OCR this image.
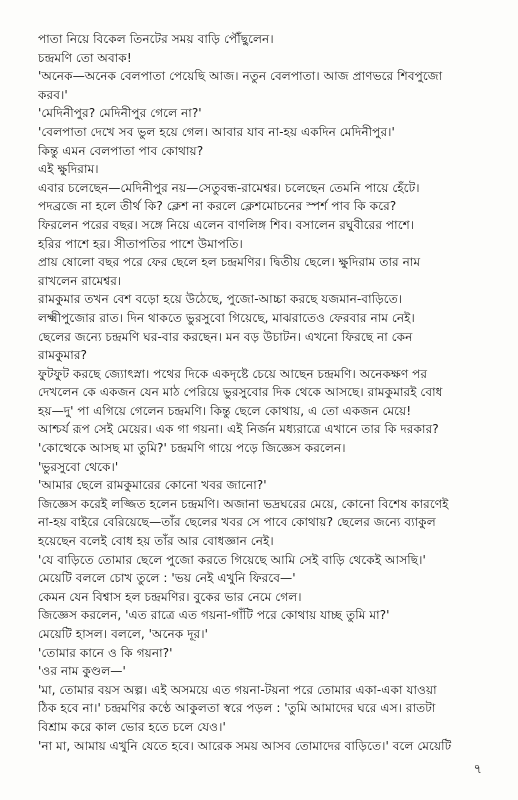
পাতা নিয়ে বিকেল তিনটের সময় বাড়ি পৌঁছুলেন।
চন্দ্রমণি তো অবাক!
'অনেক—অনেক বেলপাতা পেয়েছি আজ। নতুন বেলপাতা। আজ প্রাণভরে শিবপুজো
করব।'
'মেদিনীপুর? মেদিনীপুর গেলে না?'
'বেলপাতা দেখে সব ভুল হয়ে গেল। আবার যাব না-হয় একদিন মেদিনীপুর।'
কিন্তু এমন বেলপাতা পাব কোথায়?
এই ক্ষুদিরাম।
এবার চলেছেন—মেদিনীপুর নয়—সেতুবন্ধ-রামেশ্বর। চলেছেন তেমনি পায়ে হেঁটে।
পদব্রজে না হলে তীর্থ কি? ক্লেশ না করলে ক্লেশমোচনের স্পর্শ পাব কি করে?
ফিরলেন পরের বছর। সঙ্গে নিয়ে এলেন বাণলিঙ্গ শিব। বসালেন রঘুবীরের পাশে।
হরির পাশে হর। সীতাপতির পাশে উমাপতি।
প্রায় ষোলো বছর পরে ফের ছেলে হল চন্দ্রমণির। দ্বিতীয় ছেলে। ক্ষুদিরাম তার নাম
রাখলেন রামেশ্বর।
রামকুমার তখন বেশ বড়ো হয়ে উঠেছে, পুজো-আচ্চা করছে যজমান-বাড়িতে।
লক্ষ্মীপুজোর রাত। দিন থাকতে ভুরসুবো গিয়েছে, মাঝরাতেও ফেরবার নাম নেই।
ছেলের জন্যে চন্দ্রমণি ঘর-বার করছেন। মন বড় উচাটন। এখনো ফিরছে না কেন
রামকুমার?
ফুটফুট করছে জ্যোৎস্না। পথের দিকে একদৃষ্টে চেয়ে আছেন চন্দ্রমণি। অনেকক্ষণ পর
দেখলেন কে একজন যেন মাঠ পেরিয়ে ভুরসুবোর দিক থেকে আসছে। রামকুমারই বোধ
হয়—দু' পা এগিয়ে গেলেন চন্দ্রমণি। কিন্তু ছেলে কোথায়, এ তো একজন মেয়ে!
আশ্চর্য রূপ সেই মেয়ের। এক গা গয়না। এই নির্জন মধ্যরাত্রে এখানে তার কি দরকার?
'কোত্থেকে আসছ মা তুমি?' চন্দ্রমণি গায়ে পড়ে জিজ্ঞেস করলেন।
'ভুরসুবো থেকে।'
'আমার ছেলে রামকুমারের কোনো খবর জানো?'
জিজ্ঞেস করেই লজ্জিত হলেন চন্দ্রমণি। অজানা ভদ্রঘরের মেয়ে, কোনো বিশেষ কারণেই
না-হয় বাইরে বেরিয়েছে—তাঁর ছেলের খবর সে পাবে কোথায়? ছেলের জন্যে ব্যাকুল
হয়েছেন বলেই বোধ হয় তাঁর আর বোধজ্ঞান নেই।
'যে বাড়িতে তোমার ছেলে পুজো করতে গিয়েছে আমি সেই বাড়ি থেকেই আসছি।'
মেয়েটি বললে চোখ তুলে : 'ভয় নেই এখুনি ফিরবে—'
কেমন যেন বিশ্বাস হল চন্দ্রমণির। বুকের ভার নেমে গেল।
জিজ্ঞেস করলেন, 'এত রাত্রে এত গয়না-গাঁটি পরে কোথায় যাচ্ছ তুমি মা?'
মেয়েটি হাসল। বললে, 'অনেক দূর।'
'তোমার কানে ও কি গয়না?'
'ওর নাম কুণ্ডল—'
'মা, তোমার বয়স অল্প। এই অসময়ে এত গয়না-টয়না পরে তোমার একা-একা যাওয়া
ঠিক হবে না।' চন্দ্রমণির কণ্ঠে আকুলতা স্বরে পড়ল : 'তুমি আমাদের ঘরে এস। রাতটা
বিশ্রাম করে কাল ভোর হতে চলে যেও।'
'না মা, আমায় এখুনি যেতে হবে। আরেক সময় আসব তোমাদের বাড়িতে।' বলে মেয়েটি
৭
